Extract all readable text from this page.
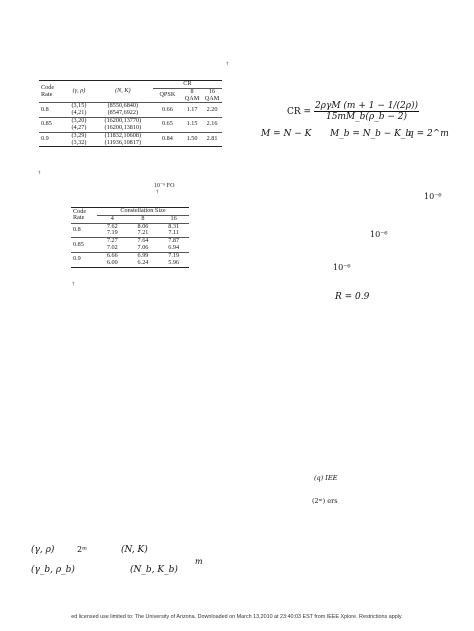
†
Code Rate	(γ, ρ)	(N, K)	CR		
			QPSK	8 QAM	16 QAM
0.8	(3,15)	(8550,6840)	0.66	1.17	2.20
	(4,21)	(8547,6922)			
0.85	(3,20)	(16200,13770)	0.65	1.15	2.16
	(4,27)	(16200,13810)			
0.9	(3,29)	(11832,10608)	0.84	1.50	2.81
	(3,32)	(11936,10817)			
†
10⁻⁶ FO
†
Code Rate	Constellation Size		
	4	8	16
0.8	7.62	8.06	8.31
	7.19	7.21	7.11
0.85	7.27	7.64	7.87
	7.02	7.06	6.94
0.9	6.66	6.99	7.19
	6.00	6.24	5.96
†
CR = $\frac{\text{2ργM (m + 1 − 1/(2ρ))}}{15mM\_b(\rho\_b - 2)}$
M = N − K M_b = N_b − K_b
q = 2^m
10⁻⁶
10⁻⁶
10⁻⁶
R = 0.9
(q) IEE
(2ᵐ) ers
(γ, ρ)	2ᵐ	(N, K)
m
(γ_b, ρ_b)	(N_b, K_b)
ed licensed use limited to: The University of Arizona. Downloaded on March 13,2010 at 23:40:03 EST from IEEE Xplore. Restrictions apply.
